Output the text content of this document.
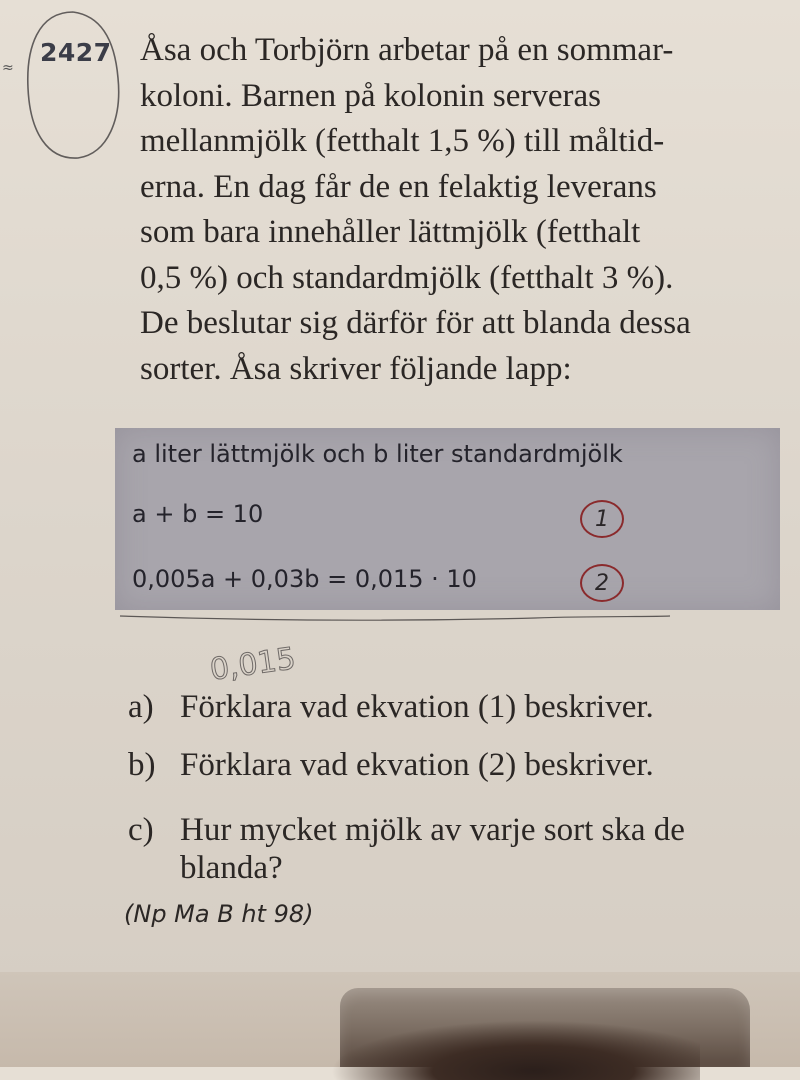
≈
2427 Åsa och Torbjörn arbetar på en sommar-
koloni. Barnen på kolonin serveras
mellanmjölk (fetthalt 1,5 %) till måltid-
erna. En dag får de en felaktig leverans
som bara innehåller lättmjölk (fetthalt
0,5 %) och standardmjölk (fetthalt 3 %).
De beslutar sig därför för att blanda dessa
sorter. Åsa skriver följande lapp:

a liter lättmjölk och b liter standardmjölk
a + b = 10	1
0,005a + 0,03b = 0,015 · 10	2
0,015
a) Förklara vad ekvation (1) beskriver.
b) Förklara vad ekvation (2) beskriver.
c) Hur mycket mjölk av varje sort ska de
blanda?
(Np Ma B ht 98)
